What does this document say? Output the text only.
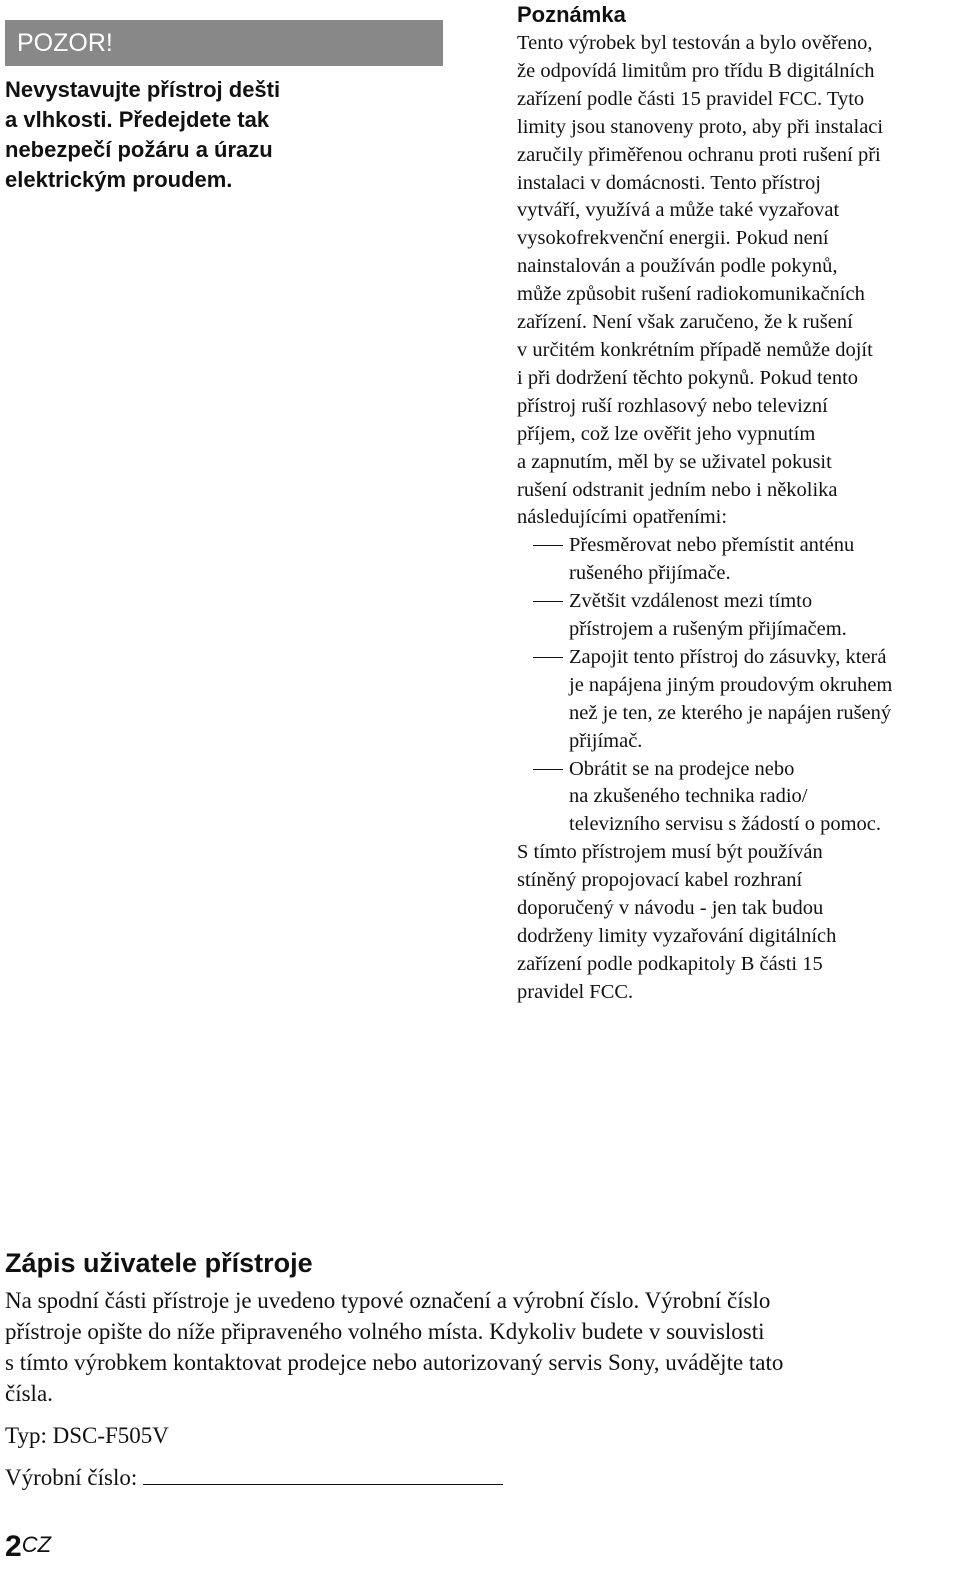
POZOR!
Nevystavujte přístroj dešti
a vlhkosti. Předejdete tak
nebezpečí požáru a úrazu
elektrickým proudem.
Poznámka
Tento výrobek byl testován a bylo ověřeno,
že odpovídá limitům pro třídu B digitálních
zařízení podle části 15 pravidel FCC. Tyto
limity jsou stanoveny proto, aby při instalaci
zaručily přiměřenou ochranu proti rušení při
instalaci v domácnosti. Tento přístroj
vytváří, využívá a může také vyzařovat
vysokofrekvenční energii. Pokud není
nainstalován a používán podle pokynů,
může způsobit rušení radiokomunikačních
zařízení. Není však zaručeno, že k rušení
v určitém konkrétním případě nemůže dojít
i při dodržení těchto pokynů. Pokud tento
přístroj ruší rozhlasový nebo televizní
příjem, což lze ověřit jeho vypnutím
a zapnutím, měl by se uživatel pokusit
rušení odstranit jedním nebo i několika
následujícími opatřeními:
Přesměrovat nebo přemístit anténu
rušeného přijímače.
Zvětšit vzdálenost mezi tímto
přístrojem a rušeným přijímačem.
Zapojit tento přístroj do zásuvky, která
je napájena jiným proudovým okruhem
než je ten, ze kterého je napájen rušený
přijímač.
Obrátit se na prodejce nebo
na zkušeného technika radio/
televizního servisu s žádostí o pomoc.
S tímto přístrojem musí být používán
stíněný propojovací kabel rozhraní
doporučený v návodu - jen tak budou
dodrženy limity vyzařování digitálních
zařízení podle podkapitoly B části 15
pravidel FCC.
Zápis uživatele přístroje
Na spodní části přístroje je uvedeno typové označení a výrobní číslo. Výrobní číslo
přístroje opište do níže připraveného volného místa. Kdykoliv budete v souvislosti
s tímto výrobkem kontaktovat prodejce nebo autorizovaný servis Sony, uvádějte tato
čísla.
Typ: DSC-F505V
Výrobní číslo:
2CZ
